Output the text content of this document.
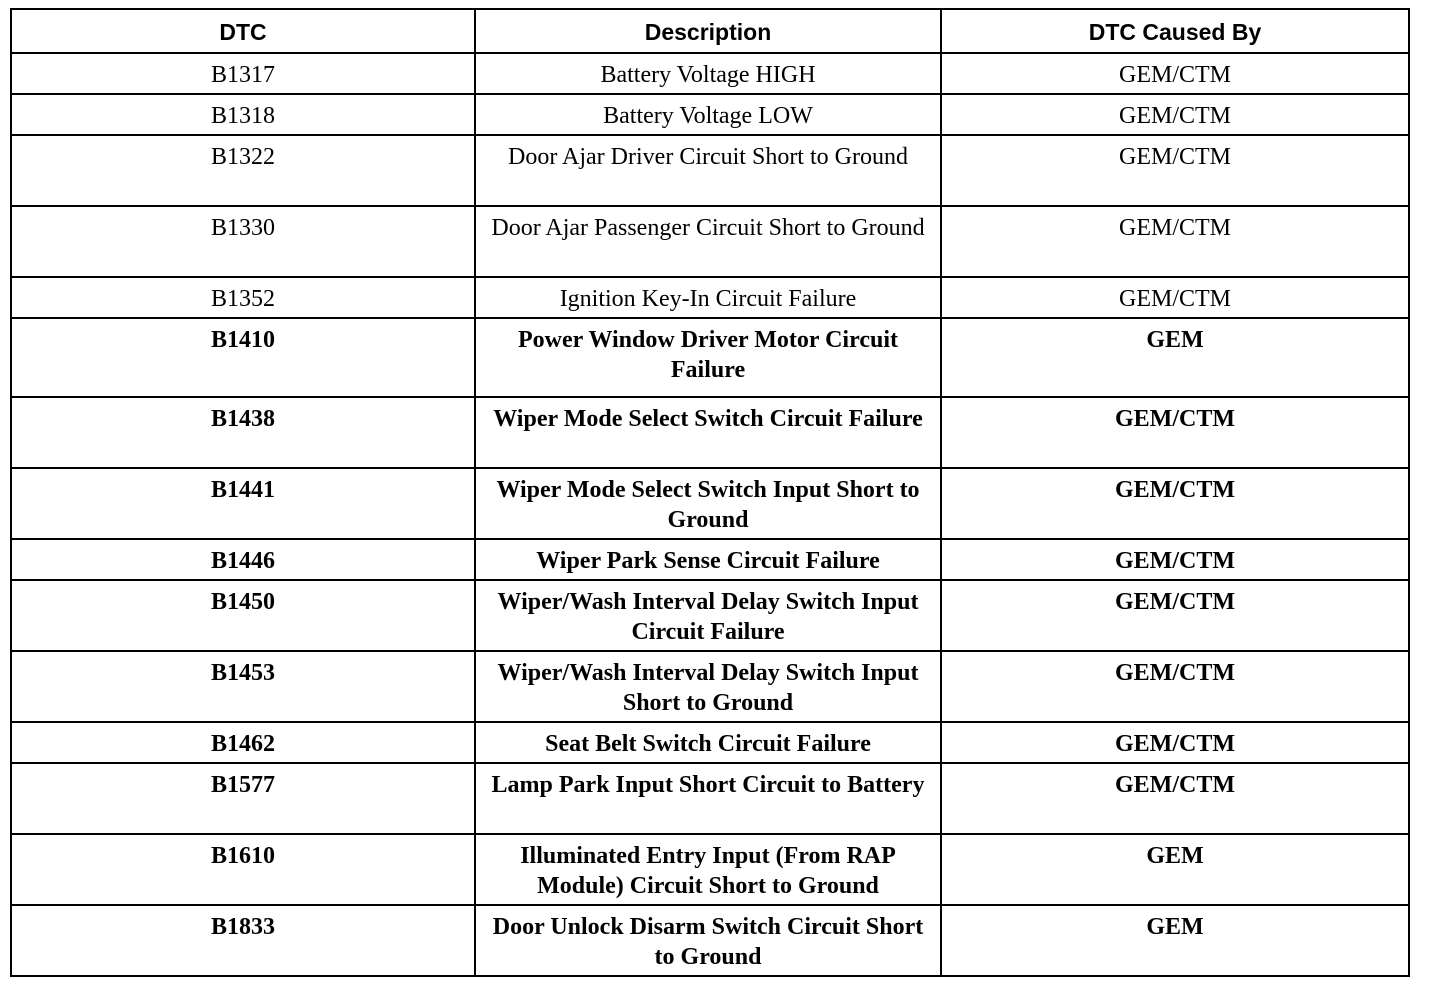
DTC	Description	DTC Caused By
B1317	Battery Voltage HIGH	GEM/CTM
B1318	Battery Voltage LOW	GEM/CTM
B1322	Door Ajar Driver Circuit Short to Ground	GEM/CTM
B1330	Door Ajar Passenger Circuit Short to Ground	GEM/CTM
B1352	Ignition Key-In Circuit Failure	GEM/CTM
B1410	Power Window Driver Motor Circuit Failure	GEM
B1438	Wiper Mode Select Switch Circuit Failure	GEM/CTM
B1441	Wiper Mode Select Switch Input Short to Ground	GEM/CTM
B1446	Wiper Park Sense Circuit Failure	GEM/CTM
B1450	Wiper/Wash Interval Delay Switch Input Circuit Failure	GEM/CTM
B1453	Wiper/Wash Interval Delay Switch Input Short to Ground	GEM/CTM
B1462	Seat Belt Switch Circuit Failure	GEM/CTM
B1577	Lamp Park Input Short Circuit to Battery	GEM/CTM
B1610	Illuminated Entry Input (From RAP Module) Circuit Short to Ground	GEM
B1833	Door Unlock Disarm Switch Circuit Short to Ground	GEM
